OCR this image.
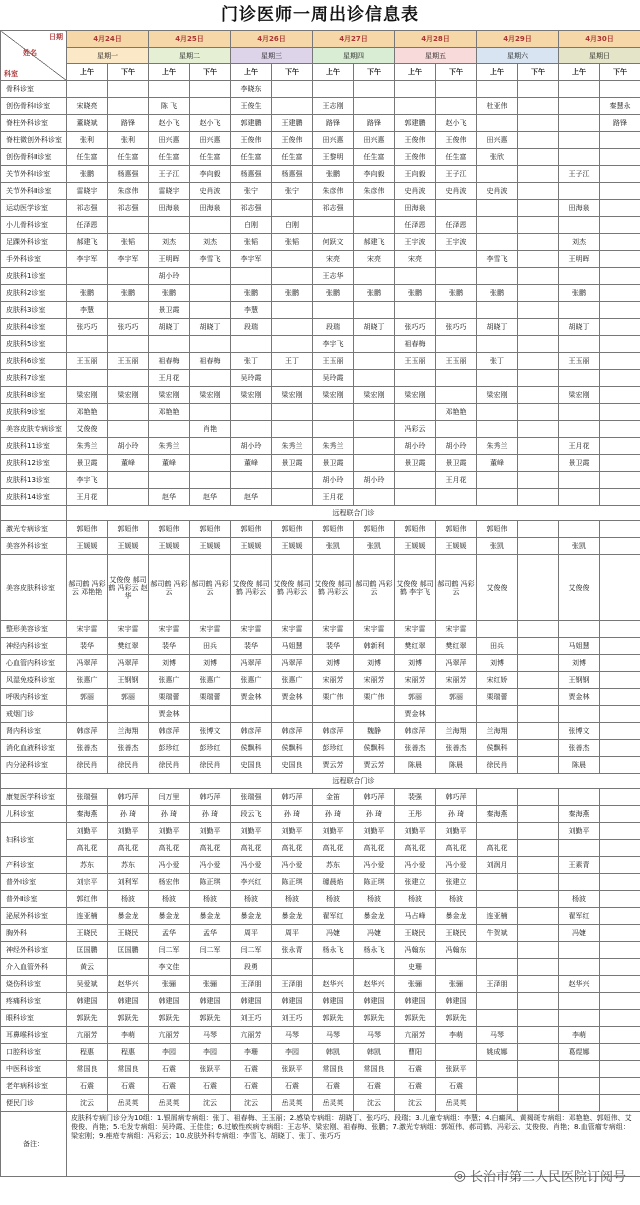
门诊医师一周出诊信息表
日期
姓名
科室	4月24日		4月25日		4月26日		4月27日		4月28日		4月29日		4月30日	
	星期一		星期二		星期三		星期四		星期五		星期六		星期日	
	上午	下午	上午	下午	上午	下午	上午	下午	上午	下午	上午	下午	上午	下午
骨科诊室					李晓东									
创伤骨科Ⅰ诊室	宋晓亮		陈 飞		王俊生		王志刚				杜亚伟			秦慧永
脊柱外科诊室	董晓斌	路锋	赵小飞	赵小飞	郭建鹏	王建鹏	路锋	路锋	郭建鹏	赵小飞				路锋
脊柱微创外科诊室	张利	张利	田兴惠	田兴惠	王俊伟	王俊伟	田兴惠	田兴惠	王俊伟	王俊伟	田兴惠			
创伤骨科Ⅱ诊室	任生富	任生富	任生富	任生富	任生富	任生富	王黎明	任生富	王俊伟	任生富	张欣			
关节外科Ⅰ诊室	张鹏	杨惠强	王子江	李向毅	杨惠强	杨惠强	张鹏	李向毅	王向毅	王子江			王子江	
关节外科Ⅱ诊室	雷晓宇	朱彦伟	雷晓宇	史肖波	张宁	张宁	朱彦伟	朱彦伟	史肖波	史肖波	史肖波			
运动医学诊室	祁志强	祁志强	田海泉	田海泉	祁志强		祁志强		田海泉				田海泉	
小儿骨科诊室	任泽恩				白刚	白刚			任泽恩	任泽恩				
足踝外科诊室	郝建飞	张韬	刘杰	刘杰	张韬	张韬	何跃文	郝建飞	王宇波	王宇波			刘杰	
手外科诊室	李宇军	李宇军	王明晖	李雪飞	李宇军		宋亮	宋亮	宋亮		李雪飞		王明晖	
皮肤科1诊室			胡小玲				王志华							
皮肤科2诊室	张鹏	张鹏	张鹏		张鹏	张鹏	张鹏	张鹏	张鹏	张鹏	张鹏		张鹏	
皮肤科3诊室	李慧		景卫霞		李慧									
皮肤科4诊室	张巧巧	张巧巧	胡晓丁	胡晓丁	段瑞		段瑞	胡晓丁	张巧巧	张巧巧	胡晓丁		胡晓丁	
皮肤科5诊室							李宇飞		祖春梅					
皮肤科6诊室	王玉丽	王玉丽	祖春梅	祖春梅	张丁	王丁	王玉丽		王玉丽	王玉丽	张丁		王玉丽	
皮肤科7诊室			王月花		吴玲霞		吴玲霞							
皮肤科8诊室	梁宏刚	梁宏刚	梁宏刚	梁宏刚	梁宏刚	梁宏刚	梁宏刚	梁宏刚	梁宏刚		梁宏刚		梁宏刚	
皮肤科9诊室	邓艳艳		邓艳艳							邓艳艳				
美容皮肤专病诊室	艾俊俊			肖艳					冯彩云					
皮肤科11诊室	朱秀兰	胡小玲	朱秀兰		胡小玲	朱秀兰	朱秀兰		胡小玲	胡小玲	朱秀兰		王月花	
皮肤科12诊室	景卫霞	董峰	董峰		董峰	景卫霞	景卫霞		景卫霞	景卫霞	董峰		景卫霞	
皮肤科13诊室	李宇飞						胡小玲	胡小玲		王月花				
皮肤科14诊室	王月花		赵华	赵华	赵华		王月花							
	远程联合门诊													
激光专病诊室	郭姮伟	郭姮伟	郭姮伟	郭姮伟	郭姮伟	郭姮伟	郭姮伟	郭姮伟	郭姮伟	郭姮伟	郭姮伟			
美容外科诊室	王媛媛	王媛媛	王媛媛	王媛媛	王媛媛	王媛媛	张凯	张凯	王媛媛	王媛媛	张凯		张凯	
美容皮肤科诊室	郝司鹤 冯彩云 邓艳艳	艾俊俊 郝司鹤 冯彩云 赵华	郝司鹤 冯彩云	郝司鹤 冯彩云	艾俊俊 郝司鹤 冯彩云	艾俊俊 郝司鹤 冯彩云	艾俊俊 郝司鹤 冯彩云	郝司鹤 冯彩云	艾俊俊 郝司鹤 李宇飞	郝司鹤 冯彩云	艾俊俊		艾俊俊	
整形美容诊室	宋宇雷	宋宇雷	宋宇雷	宋宇雷	宋宇雷	宋宇雷	宋宇雷	宋宇雷	宋宇雷	宋宇雷				
神经内科诊室	裴华	樊红翠	裴华	田兵	裴华	马姐慧	裴华	韩新利	樊红翠	樊红翠	田兵		马姐慧	
心血管内科诊室	冯翠萍	冯翠萍	刘博	刘博	冯翠萍	冯翠萍	刘博	刘博	刘博	冯翠萍	刘博		刘博	
风湿免疫科诊室	张惠广	王钢钢	张惠广	张惠广	张惠广	张惠广	宋丽芳	宋丽芳	宋丽芳	宋丽芳	宋红娇		王钢钢	
呼吸内科诊室	郭丽	郭丽	栗瑞蕾	栗瑞蕾	贾金林	贾金林	栗广伟	栗广伟	郭丽	郭丽	栗瑞蕾		贾金林	
戒烟门诊			贾金林						贾金林					
肾内科诊室	韩彦萍	兰海翔	韩彦萍	张博文	韩彦萍	韩彦萍	韩彦萍	魏静	韩彦萍	兰海翔	兰海翔		张博文	
消化血液科诊室	张善杰	张善杰	彭珍红	彭珍红	侯飘科	侯飘科	彭珍红	侯飘科	张善杰	张善杰	侯飘科		张善杰	
内分泌科诊室	徐民肖	徐民肖	徐民肖	徐民肖	史国良	史国良	贾云芳	贾云芳	陈晨	陈晨	徐民肖		陈晨	
	远程联合门诊													
康复医学科诊室	张瑞强	韩巧萍	闫万里	韩巧萍	张瑞强	韩巧萍	金笛	韩巧萍	裴强	韩巧萍				
儿科诊室	秦海燕	孙 琦	孙 琦	孙 琦	段云飞	孙 琦	孙 琦	孙 琦	王彤	孙 琦	秦海燕		秦海燕	
妇科诊室	刘勤平	刘勤平	刘勤平	刘勤平	刘勤平	刘勤平	刘勤平	刘勤平	刘勤平	刘勤平			刘勤平	
	高礼花	高礼花	高礼花	高礼花	高礼花	高礼花	高礼花	高礼花	高礼花	高礼花	高礼花			
产科诊室	苏东	苏东	冯小爱	冯小爱	冯小爱	冯小爱	苏东	冯小爱	冯小爱	冯小爱	刘润月		王素青	
普外Ⅰ诊室	刘宗平	刘利军	杨宏伟	陈正琪	李兴红	陈正琪	璩晨焰	陈正琪	张建立	张建立				
普外Ⅱ诊室	郭红伟	杨波	杨波	杨波	杨波	杨波	杨波	杨波	杨波	杨波			杨波	
泌尿外科诊室	连亚楠	暴金龙	暴金龙	暴金龙	暴金龙	暴金龙	翟军红	暴金龙	马占峰	暴金龙	连亚楠		翟军红	
胸外科	王晓民	王晓民	孟华	孟华	周平	周平	冯婕	冯婕	王晓民	王晓民	牛贺斌		冯婕	
神经外科诊室	匡国鹏	匡国鹏	闫二军	闫二军	闫二军	张永青	杨永飞	杨永飞	冯翰东	冯翰东				
介入血管外科	黄云		李文佳		段勇				史珊					
烧伤科诊室	吴爱斌	赵华兴	张骊	张骊	王泽朋	王泽朋	赵华兴	赵华兴	张骊	张骊	王泽朋		赵华兴	
疼痛科诊室	韩建国	韩建国	韩建国	韩建国	韩建国	韩建国	韩建国	韩建国	韩建国	韩建国				
眼科诊室	郭跃先	郭跃先	郭跃先	郭跃先	刘王巧	刘王巧	郭跃先	郭跃先	郭跃先	郭跃先				
耳鼻喉科诊室	亢丽芳	李萌	亢丽芳	马琴	亢丽芳	马琴	马琴	马琴	亢丽芳	李萌	马琴		李萌	
口腔科诊室	程惠	程惠	李园	李园	李珊	李园	韩凯	韩凯	曹阳		姚成娜		葛煜娜	
中医科诊室	常国良	常国良	石震	张跃平	石震	张跃平	常国良	常国良	石震	张跃平				
老年病科诊室	石震	石震	石震	石震	石震	石震	石震	石震	石震	石震				
便民门诊	沈云	岳灵英	岳灵英	沈云	沈云	岳灵英	岳灵英	沈云	沈云	岳灵英				
备注：	皮肤科专病门诊分为10组：1.银屑病专病组：张丁、祖春梅、王玉丽；2.感染专病组：胡晓丁、张巧巧、段瑞；3.儿童专病组：李慧；4.白癜风、黄褐斑专病组：邓艳艳、郭姮伟、艾俊俊、肖艳；5.毛发专病组：吴玲霞、王佳佳；6.过敏性疾病专病组：王志华、梁宏刚、祖春梅、张鹏；7.激光专病组：郭姮伟、郝司鹤、冯彩云、艾俊俊、肖艳；8.血管瘤专病组：梁宏刚；9.痤疮专病组：冯彩云；10.皮肤外科专病组：李雪飞、胡晓丁、张丁、张巧巧													
◎ 长治市第二人民医院订阅号
